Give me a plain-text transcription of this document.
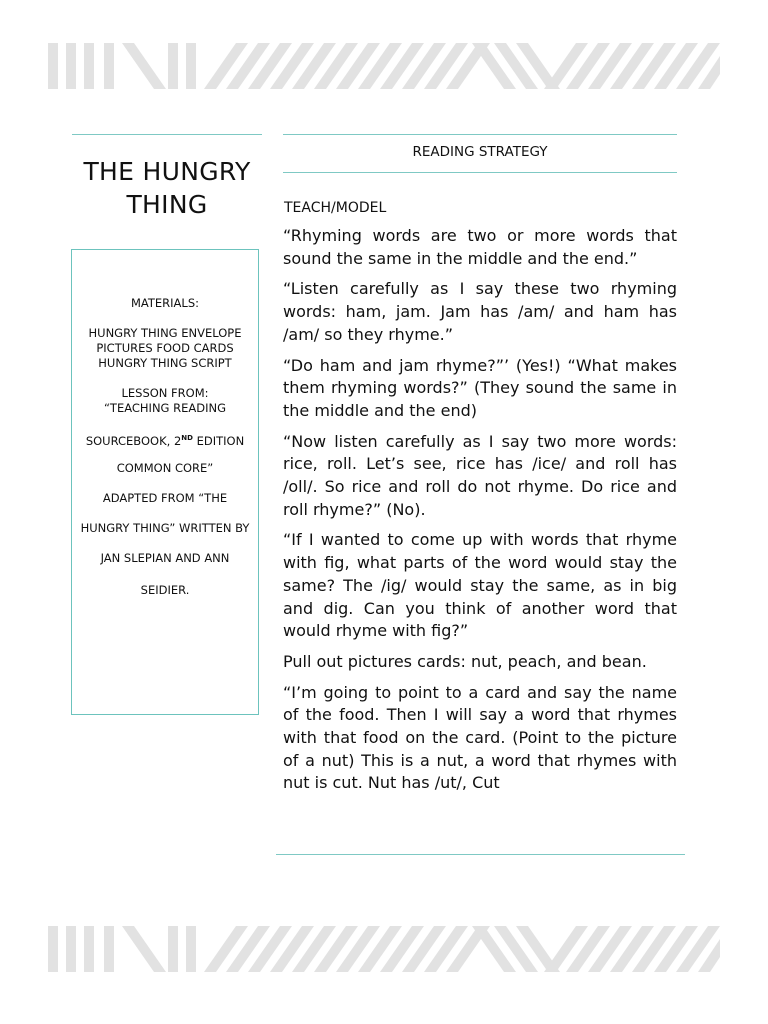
THE HUNGRY
THING
MATERIALS:
HUNGRY THING ENVELOPE
PICTURES FOOD CARDS
HUNGRY THING SCRIPT
LESSON FROM:
“TEACHING READING
SOURCEBOOK, 2ND EDITION
COMMON CORE”
ADAPTED FROM “THE
HUNGRY THING” WRITTEN BY
JAN SLEPIAN AND ANN
SEIDIER.
READING STRATEGY
TEACH/MODEL

“Rhyming words are two or more words that sound the same in the middle and the end.”

“Listen carefully as I say these two rhyming words: ham, jam. Jam has /am/ and ham has /am/ so they rhyme.”

“Do ham and jam rhyme?”’ (Yes!) “What makes them rhyming words?” (They sound the same in the middle and the end)

“Now listen carefully as I say two more words: rice, roll. Let’s see, rice has /ice/ and roll has /oll/. So rice and roll do not rhyme. Do rice and roll rhyme?” (No).

“If I wanted to come up with words that rhyme with fig, what parts of the word would stay the same? The /ig/ would stay the same, as in big and dig. Can you think of another word that would rhyme with fig?”

Pull out pictures cards: nut, peach, and bean.

“I’m going to point to a card and say the name of the food. Then I will say a word that rhymes with that food on the card. (Point to the picture of a nut) This is a nut, a word that rhymes with nut is cut. Nut has /ut/, Cut
